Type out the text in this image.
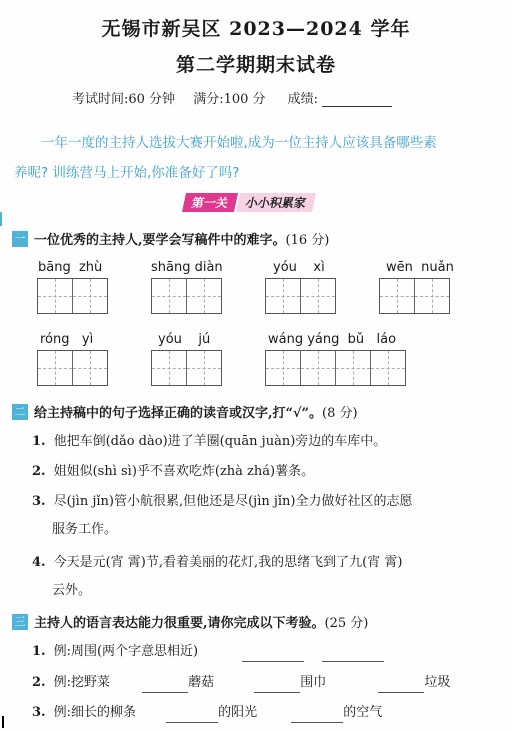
无锡市新吴区 2023—2024 学年
第二学期期末试卷
考试时间:60 分钟 满分:100 分 成绩:
一年一度的主持人选拔大赛开始啦,成为一位主持人应该具备哪些素
养呢? 训练营马上开始,你准备好了吗?
第一关 小小积累家
一 一位优秀的主持人,要学会写稿件中的难字。(16 分)
bāng  zhù	shāng diàn	yóu    xì	wēn  nuǎn
róng   yì	yóu    jú	wáng yáng  bǔ   láo
二 给主持稿中的句子选择正确的读音或汉字,打“√”。(8 分)
1. 他把车倒(dǎo dào)进了羊圈(quān juàn)旁边的车库中。
2. 姐姐似(shì sì)乎不喜欢吃炸(zhà zhá)薯条。
3. 尽(jìn jǐn)管小航很累,但他还是尽(jìn jǐn)全力做好社区的志愿
服务工作。
4. 今天是元(宵 霄)节,看着美丽的花灯,我的思绪飞到了九(宵 霄)
云外。
三 主持人的语言表达能力很重要,请你完成以下考验。(25 分)
1. 例:周围(两个字意思相近)
2. 例:挖野菜	蘑菇	围巾	垃圾
3. 例:细长的柳条	的阳光	的空气
